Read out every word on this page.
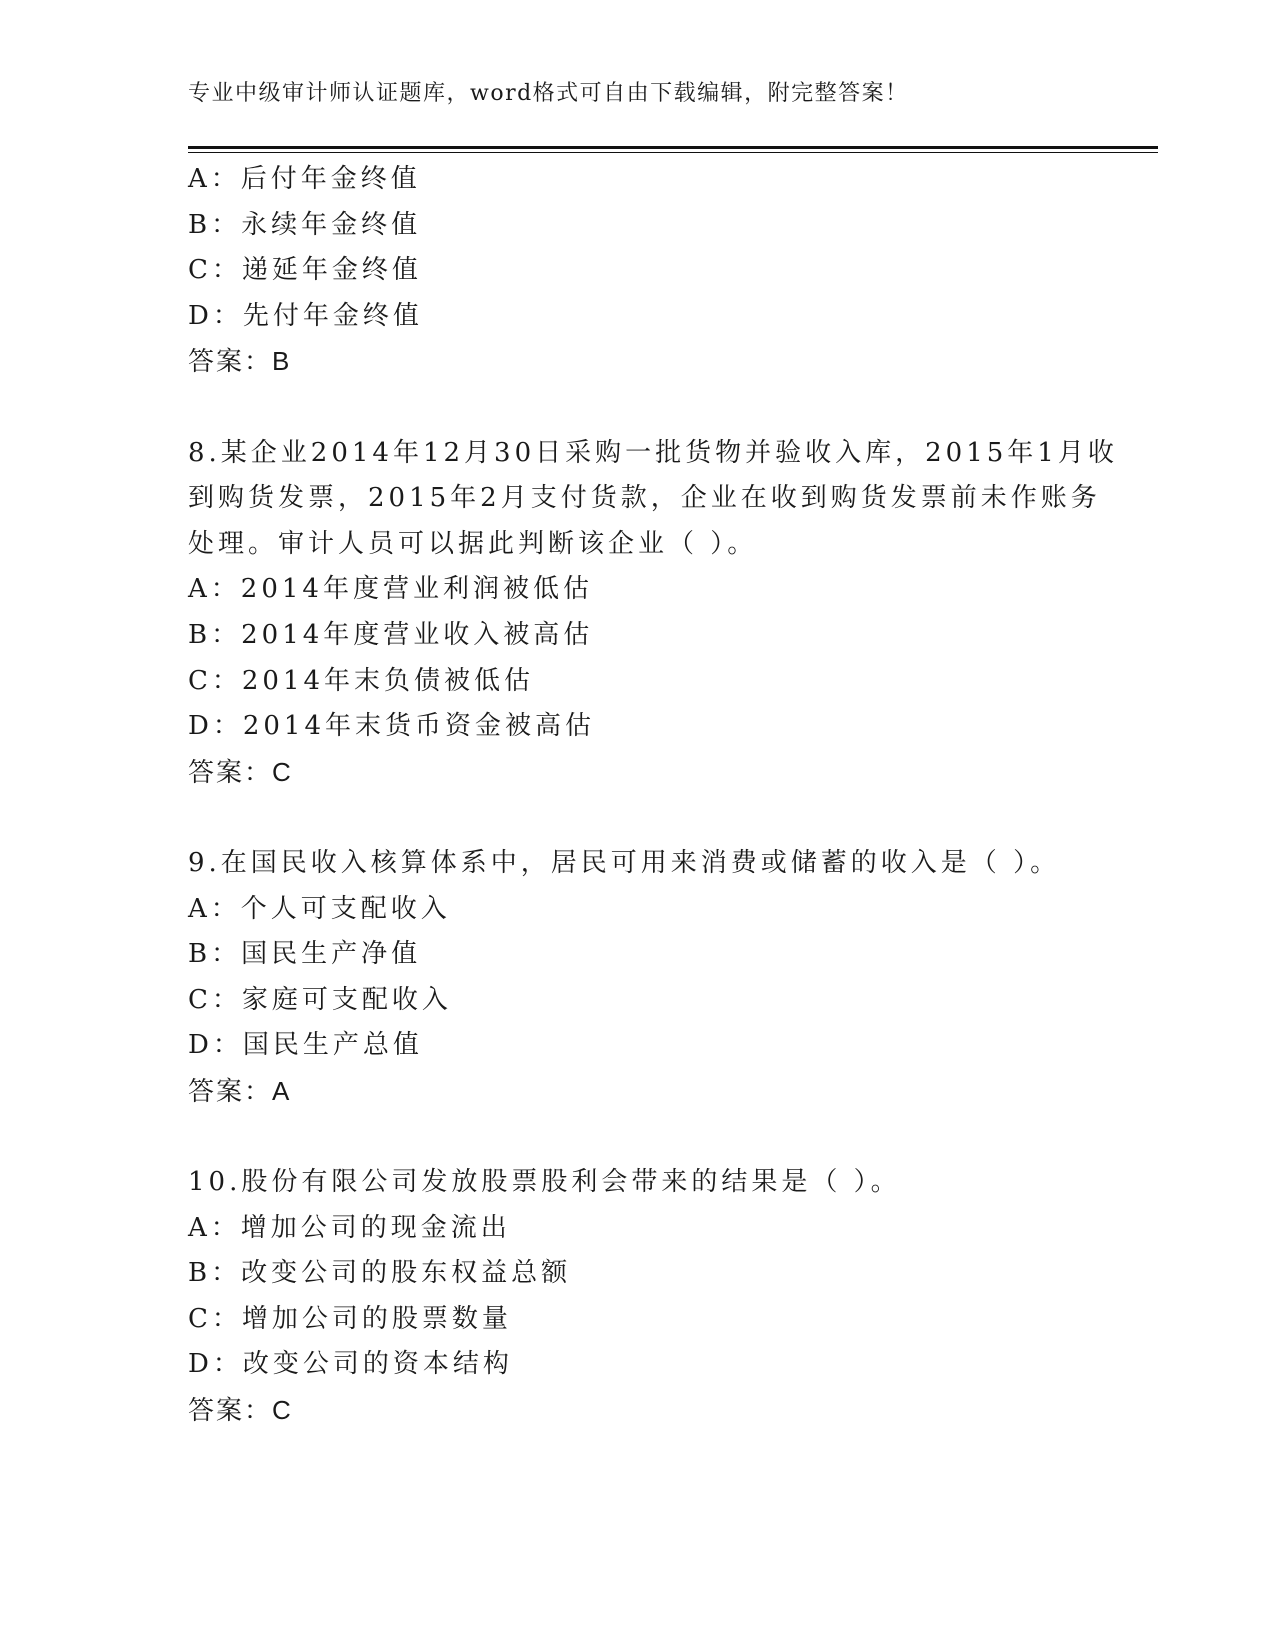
专业中级审计师认证题库，word格式可自由下载编辑，附完整答案！
A：后付年金终值
B：永续年金终值
C：递延年金终值
D：先付年金终值
答案：B
8.某企业2014年12月30日采购一批货物并验收入库，2015年1月收
到购货发票，2015年2月支付货款，企业在收到购货发票前未作账务
处理。审计人员可以据此判断该企业（ ）。
A：2014年度营业利润被低估
B：2014年度营业收入被高估
C：2014年末负债被低估
D：2014年末货币资金被高估
答案：C
9.在国民收入核算体系中，居民可用来消费或储蓄的收入是（ ）。
A：个人可支配收入
B：国民生产净值
C：家庭可支配收入
D：国民生产总值
答案：A
10.股份有限公司发放股票股利会带来的结果是（ ）。
A：增加公司的现金流出
B：改变公司的股东权益总额
C：增加公司的股票数量
D：改变公司的资本结构
答案：C
